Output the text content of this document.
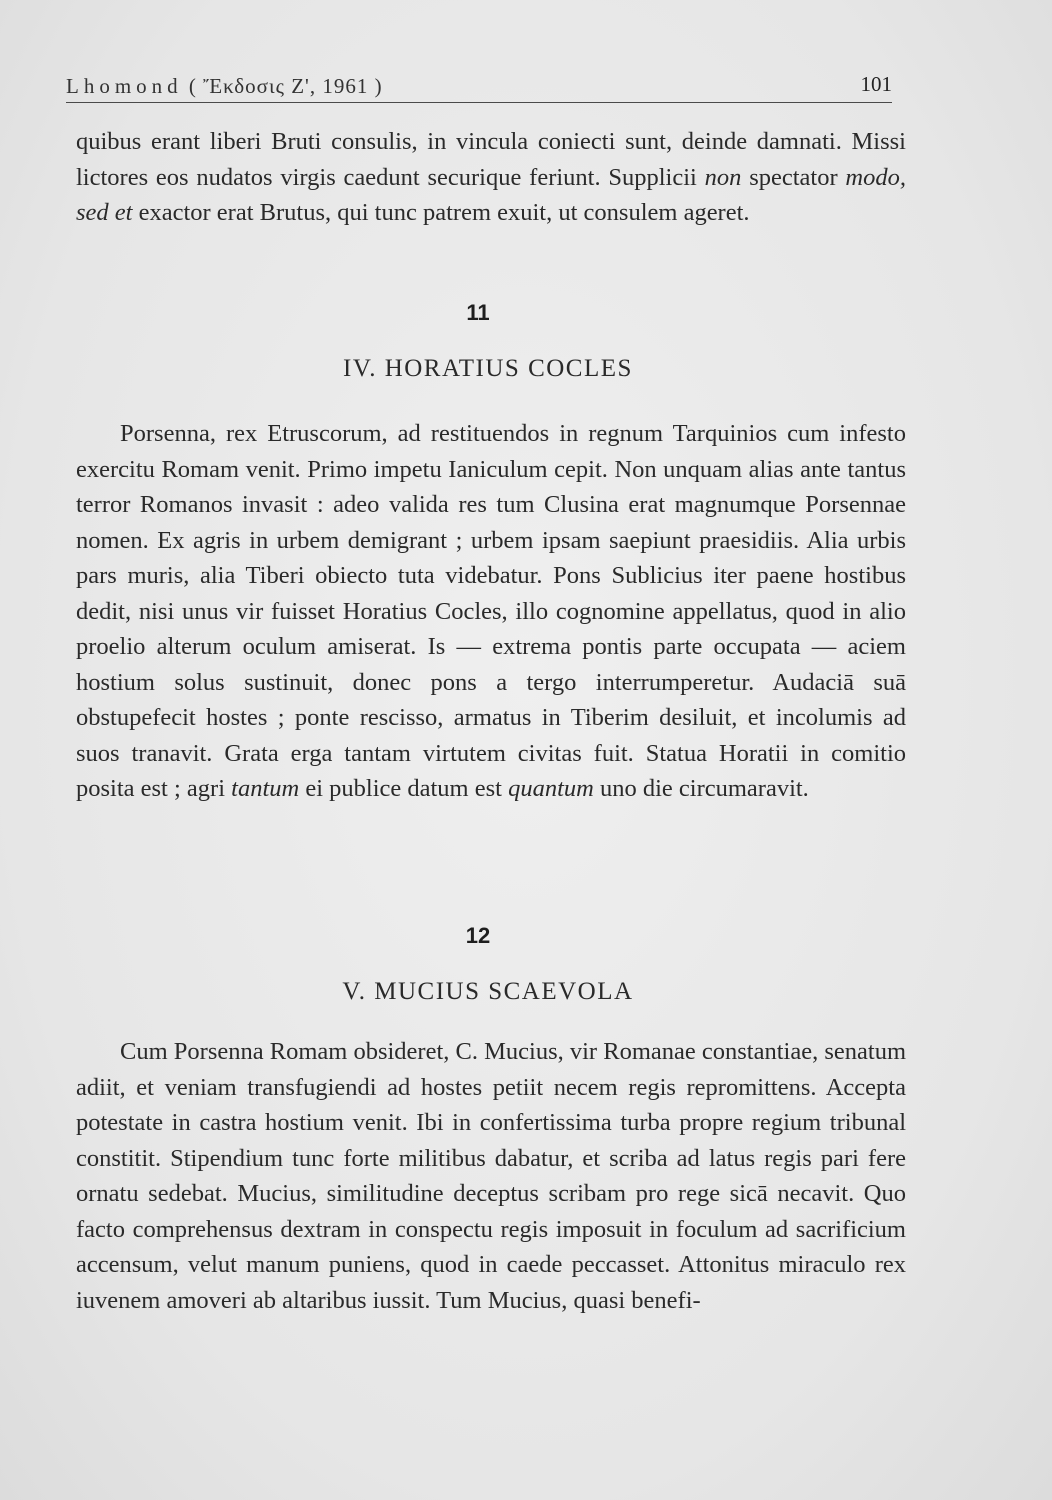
Lhomond ( Ἔκδοσις Ζ', 1961 )	101

quibus erant liberi Bruti consulis, in vincula coniecti sunt, deinde damnati. Missi lictores eos nudatos virgis caedunt securique feriunt. Supplicii non spectator modo, sed et exactor erat Brutus, qui tunc patrem exuit, ut consulem ageret.

11
IV. HORATIUS COCLES

Porsenna, rex Etruscorum, ad restituendos in regnum Tarquinios cum infesto exercitu Romam venit. Primo impetu Ianiculum cepit. Non unquam alias ante tantus terror Romanos invasit : adeo valida res tum Clusina erat magnumque Porsennae nomen. Ex agris in urbem demigrant ; urbem ipsam saepiunt praesidiis. Alia urbis pars muris, alia Tiberi obiecto tuta videbatur. Pons Sublicius iter paene hostibus dedit, nisi unus vir fuisset Horatius Cocles, illo cognomine appellatus, quod in alio proelio alterum oculum amiserat. Is — extrema pontis parte occupata — aciem hostium solus sustinuit, donec pons a tergo interrumperetur. Audaciā suā obstupefecit hostes ; ponte rescisso, armatus in Tiberim desiluit, et incolumis ad suos tranavit. Grata erga tantam virtutem civitas fuit. Statua Horatii in comitio posita est ; agri tantum ei publice datum est quantum uno die circumaravit.

12
V. MUCIUS SCAEVOLA

Cum Porsenna Romam obsideret, C. Mucius, vir Romanae constantiae, senatum adiit, et veniam transfugiendi ad hostes petiit necem regis repromittens. Accepta potestate in castra hostium venit. Ibi in confertissima turba propre regium tribunal constitit. Stipendium tunc forte militibus dabatur, et scriba ad latus regis pari fere ornatu sedebat. Mucius, similitudine deceptus scribam pro rege sicā necavit. Quo facto comprehensus dextram in conspectu regis imposuit in foculum ad sacrificium accensum, velut manum puniens, quod in caede peccasset. Attonitus miraculo rex iuvenem amoveri ab altaribus iussit. Tum Mucius, quasi benefi-
